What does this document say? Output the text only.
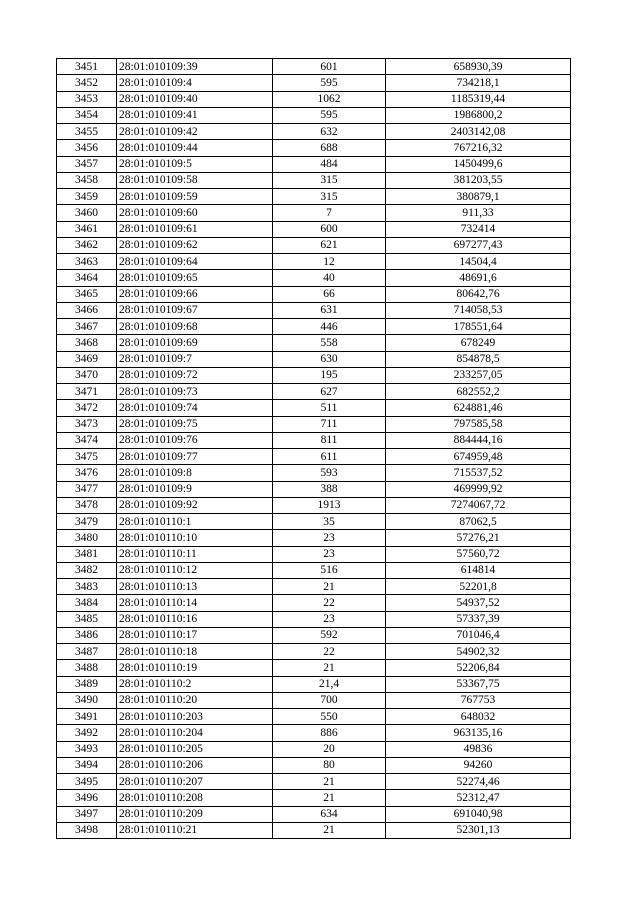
3451	28:01:010109:39	601	658930,39
3452	28:01:010109:4	595	734218,1
3453	28:01:010109:40	1062	1185319,44
3454	28:01:010109:41	595	1986800,2
3455	28:01:010109:42	632	2403142,08
3456	28:01:010109:44	688	767216,32
3457	28:01:010109:5	484	1450499,6
3458	28:01:010109:58	315	381203,55
3459	28:01:010109:59	315	380879,1
3460	28:01:010109:60	7	911,33
3461	28:01:010109:61	600	732414
3462	28:01:010109:62	621	697277,43
3463	28:01:010109:64	12	14504,4
3464	28:01:010109:65	40	48691,6
3465	28:01:010109:66	66	80642,76
3466	28:01:010109:67	631	714058,53
3467	28:01:010109:68	446	178551,64
3468	28:01:010109:69	558	678249
3469	28:01:010109:7	630	854878,5
3470	28:01:010109:72	195	233257,05
3471	28:01:010109:73	627	682552,2
3472	28:01:010109:74	511	624881,46
3473	28:01:010109:75	711	797585,58
3474	28:01:010109:76	811	884444,16
3475	28:01:010109:77	611	674959,48
3476	28:01:010109:8	593	715537,52
3477	28:01:010109:9	388	469999,92
3478	28:01:010109:92	1913	7274067,72
3479	28:01:010110:1	35	87062,5
3480	28:01:010110:10	23	57276,21
3481	28:01:010110:11	23	57560,72
3482	28:01:010110:12	516	614814
3483	28:01:010110:13	21	52201,8
3484	28:01:010110:14	22	54937,52
3485	28:01:010110:16	23	57337,39
3486	28:01:010110:17	592	701046,4
3487	28:01:010110:18	22	54902,32
3488	28:01:010110:19	21	52206,84
3489	28:01:010110:2	21,4	53367,75
3490	28:01:010110:20	700	767753
3491	28:01:010110:203	550	648032
3492	28:01:010110:204	886	963135,16
3493	28:01:010110:205	20	49836
3494	28:01:010110:206	80	94260
3495	28:01:010110:207	21	52274,46
3496	28:01:010110:208	21	52312,47
3497	28:01:010110:209	634	691040,98
3498	28:01:010110:21	21	52301,13
